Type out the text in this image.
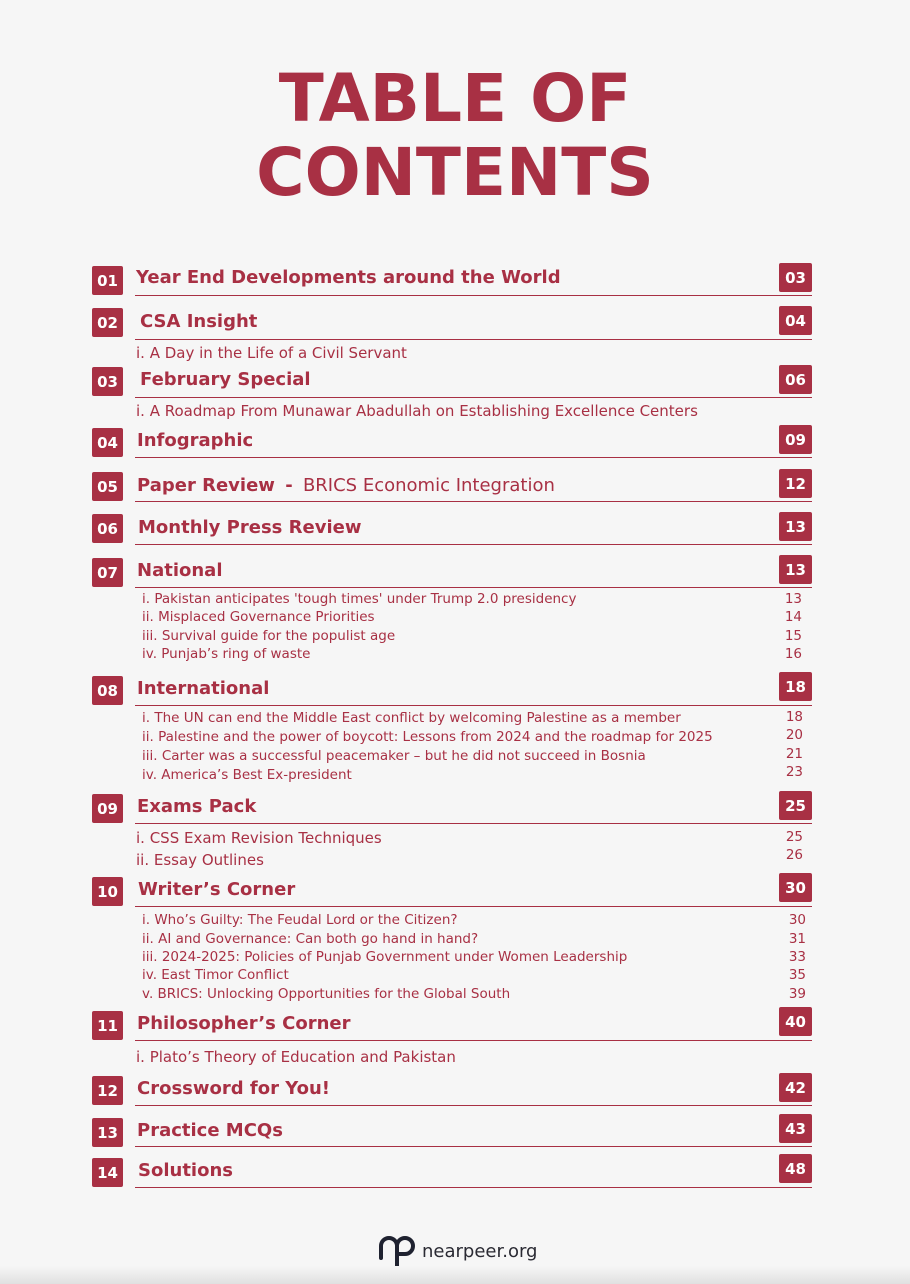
TABLE OF
CONTENTS
01 Year End Developments around the World	03
02 CSA Insight	04
i. A Day in the Life of a Civil Servant
03 February Special	06
i. A Roadmap From Munawar Abadullah on Establishing Excellence Centers
04 Infographic	09
05 Paper Review - BRICS Economic Integration	12
06 Monthly Press Review	13
07 National	13
i. Pakistan anticipates 'tough times' under Trump 2.0 presidency	13
ii. Misplaced Governance Priorities	14
iii. Survival guide for the populist age	15
iv. Punjab’s ring of waste	16
08 International	18
i. The UN can end the Middle East conflict by welcoming Palestine as a member	18
ii. Palestine and the power of boycott: Lessons from 2024 and the roadmap for 2025	20
iii. Carter was a successful peacemaker – but he did not succeed in Bosnia	21
iv. America’s Best Ex-president	23
09 Exams Pack	25
i. CSS Exam Revision Techniques	25
ii. Essay Outlines	26
10 Writer’s Corner	30
i. Who’s Guilty: The Feudal Lord or the Citizen?	30
ii. AI and Governance: Can both go hand in hand?	31
iii. 2024-2025: Policies of Punjab Government under Women Leadership	33
iv. East Timor Conflict	35
v. BRICS: Unlocking Opportunities for the Global South	39
11 Philosopher’s Corner	40
i. Plato’s Theory of Education and Pakistan
12 Crossword for You!	42
13 Practice MCQs	43
14 Solutions	48
nearpeer.org
